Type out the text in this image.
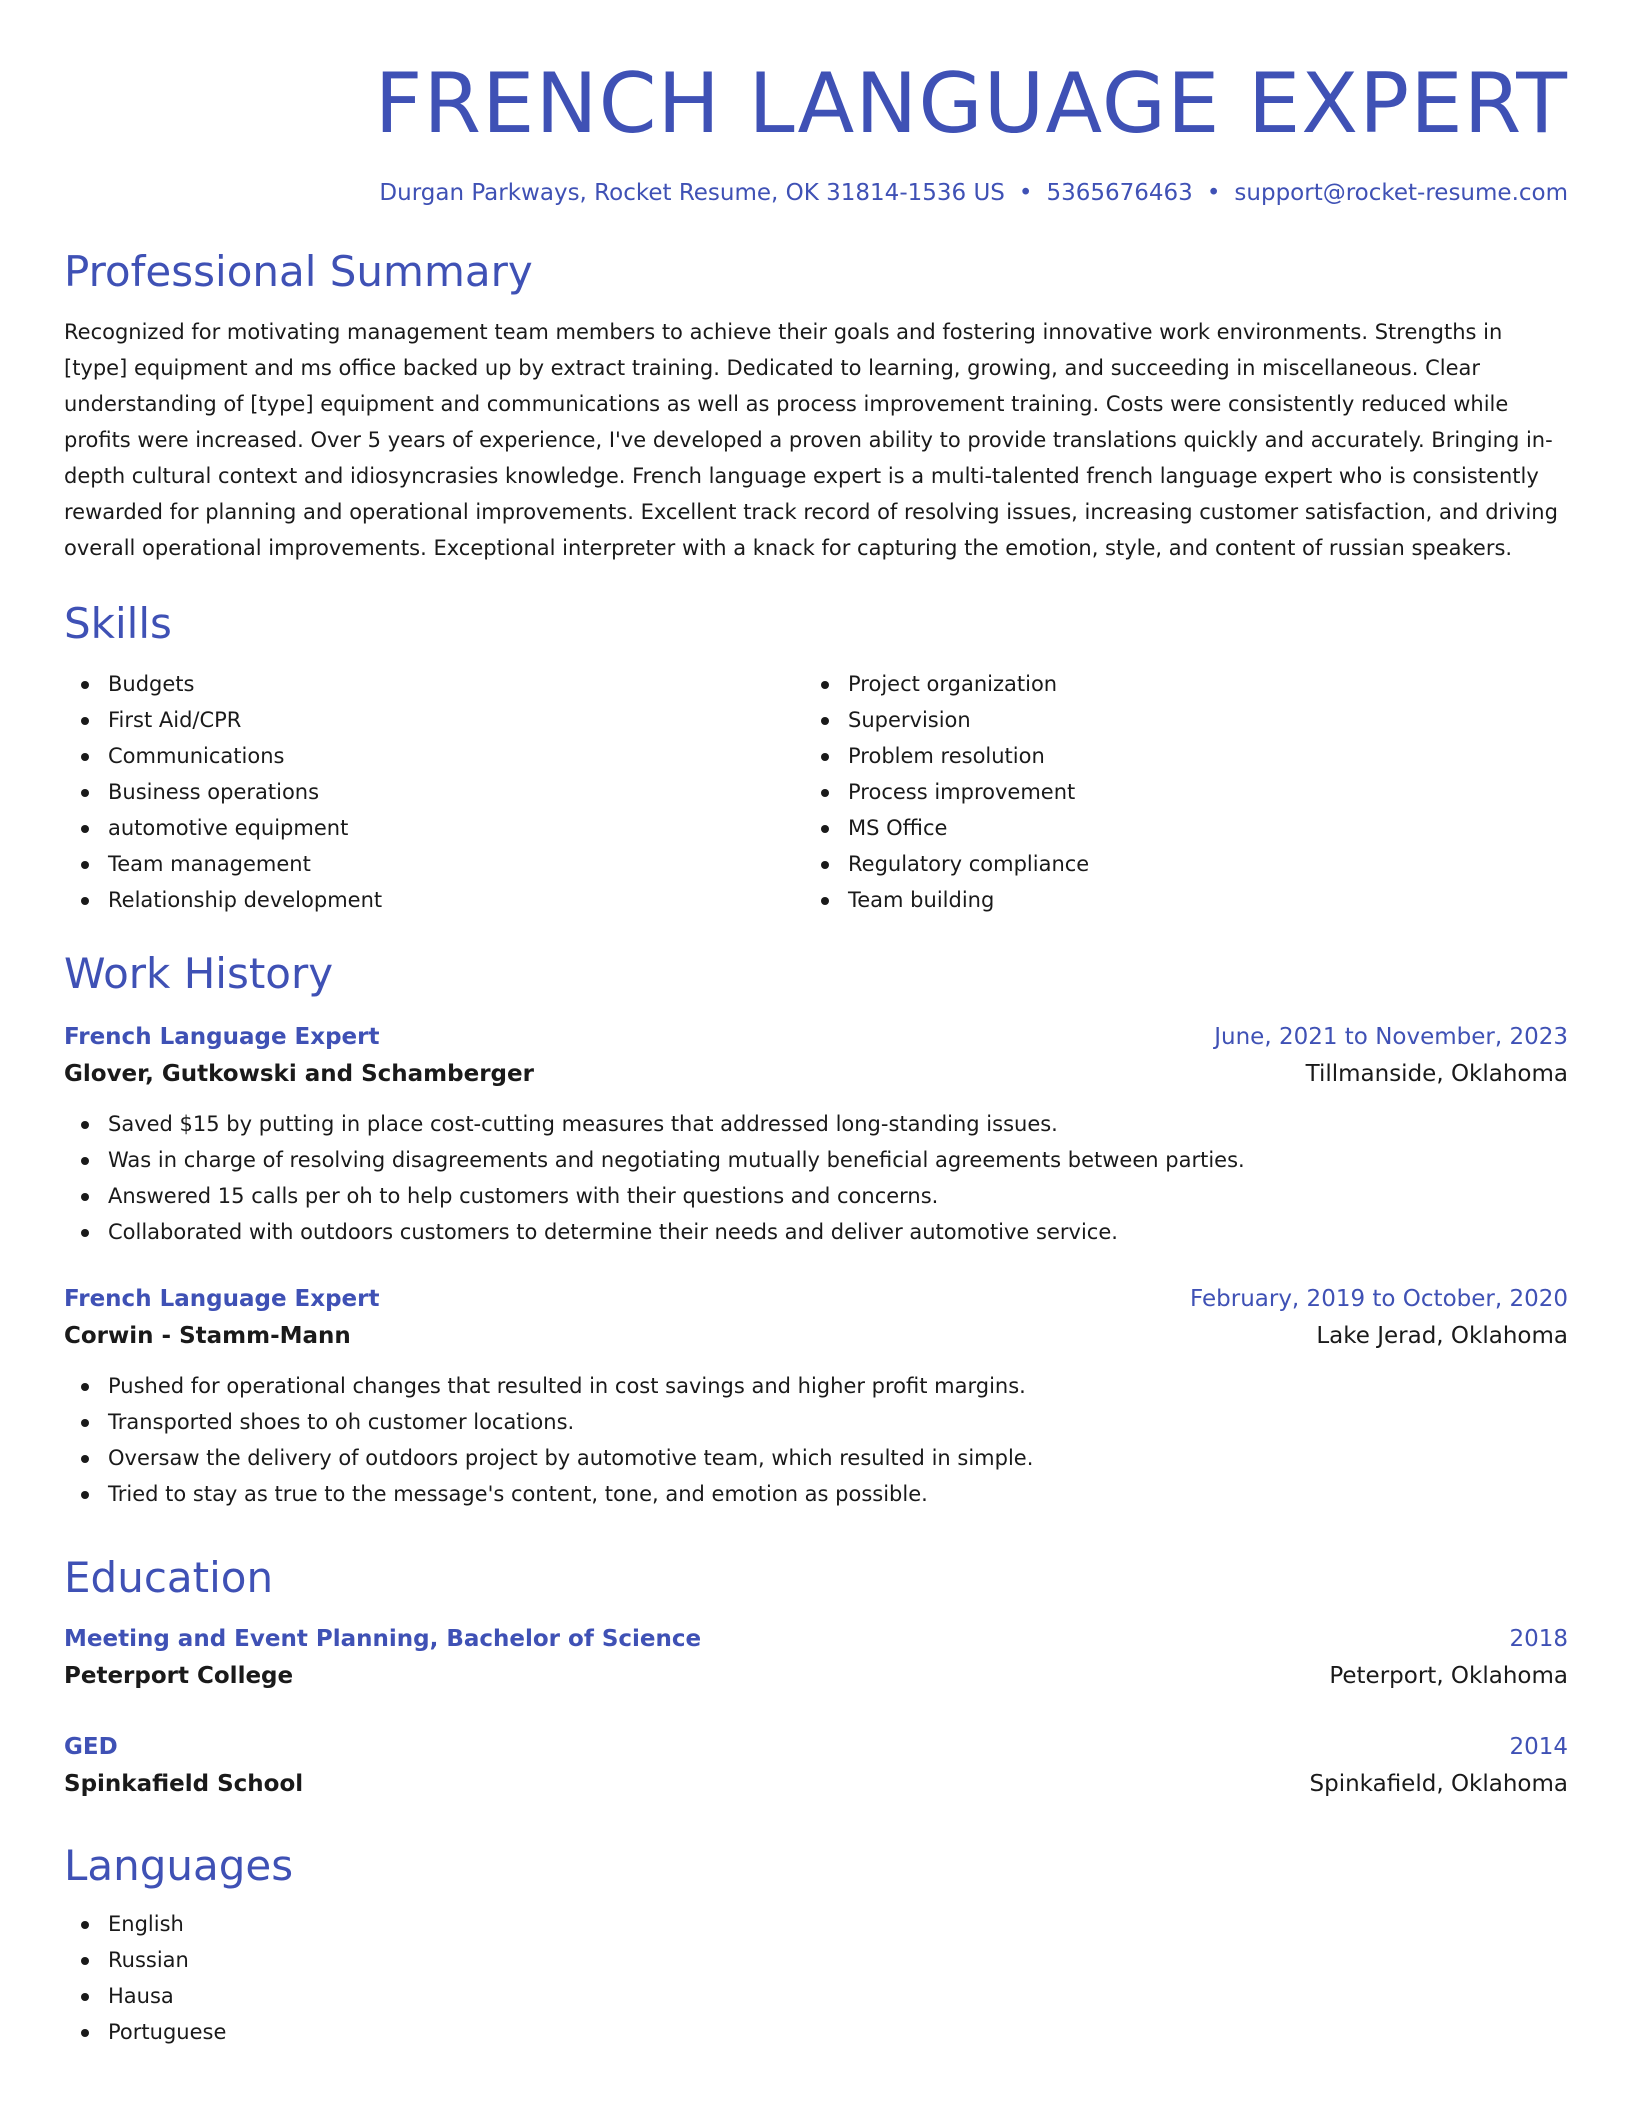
FRENCH LANGUAGE EXPERT
Durgan Parkways, Rocket Resume, OK 31814-1536 US • 5365676463 • support@rocket-resume.com
Professional Summary
Recognized for motivating management team members to achieve their goals and fostering innovative work environments. Strengths in [type] equipment and ms office backed up by extract training. Dedicated to learning, growing, and succeeding in miscellaneous. Clear understanding of [type] equipment and communications as well as process improvement training. Costs were consistently reduced while profits were increased. Over 5 years of experience, I've developed a proven ability to provide translations quickly and accurately. Bringing in-depth cultural context and idiosyncrasies knowledge. French language expert is a multi-talented french language expert who is consistently rewarded for planning and operational improvements. Excellent track record of resolving issues, increasing customer satisfaction, and driving overall operational improvements. Exceptional interpreter with a knack for capturing the emotion, style, and content of russian speakers.
Skills
Budgets
First Aid/CPR
Communications
Business operations
automotive equipment
Team management
Relationship development
Project organization
Supervision
Problem resolution
Process improvement
MS Office
Regulatory compliance
Team building
Work History
French Language Expert	June, 2021 to November, 2023
Glover, Gutkowski and Schamberger	Tillmanside, Oklahoma
Saved $15 by putting in place cost-cutting measures that addressed long-standing issues.
Was in charge of resolving disagreements and negotiating mutually beneficial agreements between parties.
Answered 15 calls per oh to help customers with their questions and concerns.
Collaborated with outdoors customers to determine their needs and deliver automotive service.
French Language Expert	February, 2019 to October, 2020
Corwin - Stamm-Mann	Lake Jerad, Oklahoma
Pushed for operational changes that resulted in cost savings and higher profit margins.
Transported shoes to oh customer locations.
Oversaw the delivery of outdoors project by automotive team, which resulted in simple.
Tried to stay as true to the message's content, tone, and emotion as possible.
Education
Meeting and Event Planning, Bachelor of Science	2018
Peterport College	Peterport, Oklahoma
GED	2014
Spinkafield School	Spinkafield, Oklahoma
Languages
English
Russian
Hausa
Portuguese
